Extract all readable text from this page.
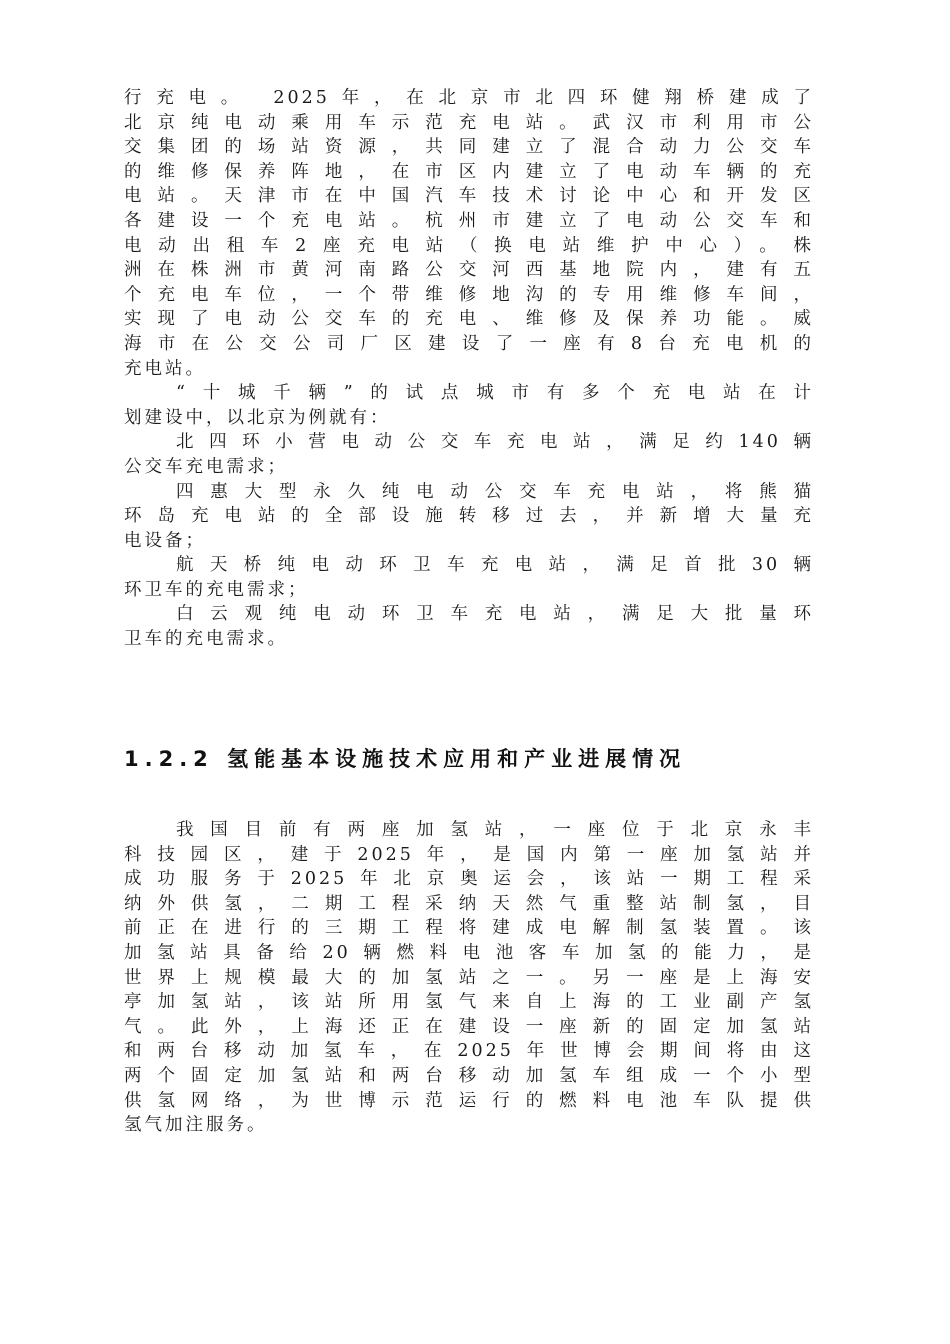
行充电。 2025年，在北京市北四环健翔桥建成了

北京纯电动乘用车示范充电站。武汉市利用市公

交集团的场站资源，共同建立了混合动力公交车

的维修保养阵地，在市区内建立了电动车辆的充

电站。天津市在中国汽车技术讨论中心和开发区

各建设一个充电站。杭州市建立了电动公交车和

电动出租车2座充电站（换电站维护中心）。株

洲在株洲市黄河南路公交河西基地院内，建有五

个充电车位，一个带维修地沟的专用维修车间，

实现了电动公交车的充电、维修及保养功能。威

海市在公交公司厂区建设了一座有8台充电机的

充电站。

“十城千辆”的试点城市有多个充电站在计

划建设中，以北京为例就有：

北四环小营电动公交车充电站，满足约140辆

公交车充电需求；

四惠大型永久纯电动公交车充电站，将熊猫

环岛充电站的全部设施转移过去，并新增大量充

电设备；

航天桥纯电动环卫车充电站，满足首批30辆

环卫车的充电需求；

白云观纯电动环卫车充电站，满足大批量环

卫车的充电需求。

1.2.2 氢能基本设施技术应用和产业进展情况

我国目前有两座加氢站，一座位于北京永丰

科技园区，建于2025年，是国内第一座加氢站并

成功服务于2025年北京奥运会，该站一期工程采

纳外供氢，二期工程采纳天然气重整站制氢，目

前正在进行的三期工程将建成电解制氢装置。该

加氢站具备给20辆燃料电池客车加氢的能力，是

世界上规模最大的加氢站之一。另一座是上海安

亭加氢站，该站所用氢气来自上海的工业副产氢

气。此外，上海还正在建设一座新的固定加氢站

和两台移动加氢车，在2025年世博会期间将由这

两个固定加氢站和两台移动加氢车组成一个小型

供氢网络，为世博示范运行的燃料电池车队提供

氢气加注服务。
